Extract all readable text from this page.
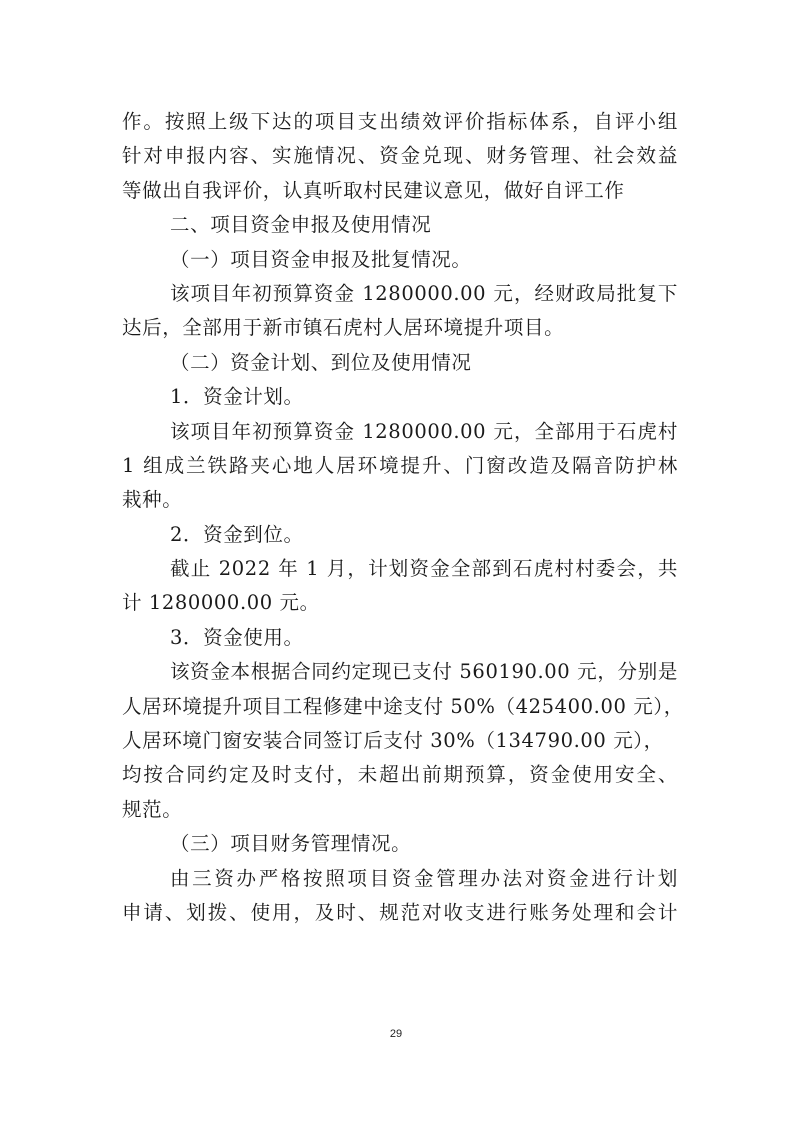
作。按照上级下达的项目支出绩效评价指标体系，自评小组
针对申报内容、实施情况、资金兑现、财务管理、社会效益
等做出自我评价，认真听取村民建议意见，做好自评工作
二、项目资金申报及使用情况
（一）项目资金申报及批复情况。
该项目年初预算资金 1280000.00 元，经财政局批复下
达后，全部用于新市镇石虎村人居环境提升项目。
（二）资金计划、到位及使用情况
1．资金计划。
该项目年初预算资金 1280000.00 元，全部用于石虎村
1 组成兰铁路夹心地人居环境提升、门窗改造及隔音防护林
栽种。
2．资金到位。
截止 2022 年 1 月，计划资金全部到石虎村村委会，共
计 1280000.00 元。
3．资金使用。
该资金本根据合同约定现已支付 560190.00 元，分别是
人居环境提升项目工程修建中途支付 50%（425400.00 元），
人居环境门窗安装合同签订后支付 30%（134790.00 元），
均按合同约定及时支付，未超出前期预算，资金使用安全、
规范。
（三）项目财务管理情况。
由三资办严格按照项目资金管理办法对资金进行计划
申请、划拨、使用，及时、规范对收支进行账务处理和会计
29
